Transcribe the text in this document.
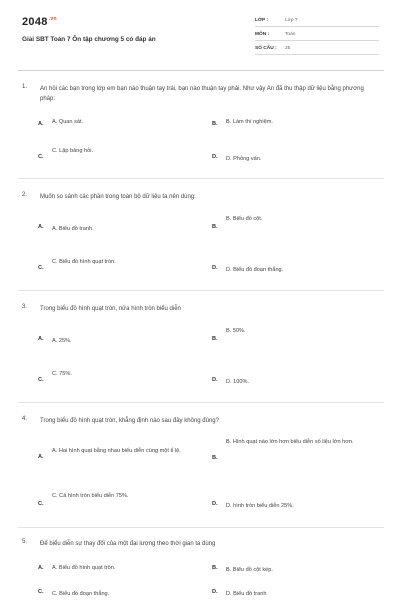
$2048^{.vn}$
Giải SBT Toán 7 Ôn tập chương 5 có đáp án
LỚP :	Lớp 7
MÔN :	Toán
SỐ CÂU : 25
1. An hỏi các bạn trong lớp em bạn nào thuận tay trái, bạn nào thuận tay phải. Như vậy An đã thu thập dữ liệu bằng phương pháp:
A. A. Quan sát.	B. B. Làm thí nghiệm.
C.
C. Lập bảng hỏi.
D. D. Phỏng vấn.
2. Muốn so sánh các phần trong toàn bộ dữ liệu ta nên dùng:
A. A. Biểu đồ tranh.	B.
B. Biểu đồ cột.
C.
C. Biểu đồ hình quạt tròn.
D. D. Biểu đồ đoạn thẳng.
3. Trong biểu đồ hình quạt tròn, nửa hình tròn biểu diễn
A. A. 25%.	B.
B. 50%.
C.
C. 75%.
D. D. 100%.
4. Trong biểu đồ hình quạt tròn, khẳng định nào sau đây không đúng?
A.
A. Hai hình quạt bằng nhau biểu diễn cùng một tỉ lệ.
B.
B. Hình quạt nào lớn hơn biểu diễn số liệu lớn hơn.
C.
C. Cả hình tròn biểu diễn 75%.
D. D. hình tròn biểu diễn 25%.
5. Để biểu diễn sự thay đổi của một đại lượng theo thời gian ta dùng
A. A. Biểu đồ hình quạt tròn.	B. B. Biểu đồ cột kép.
C. C. Biểu đồ đoạn thẳng.	D. D. Biểu đồ tranh
